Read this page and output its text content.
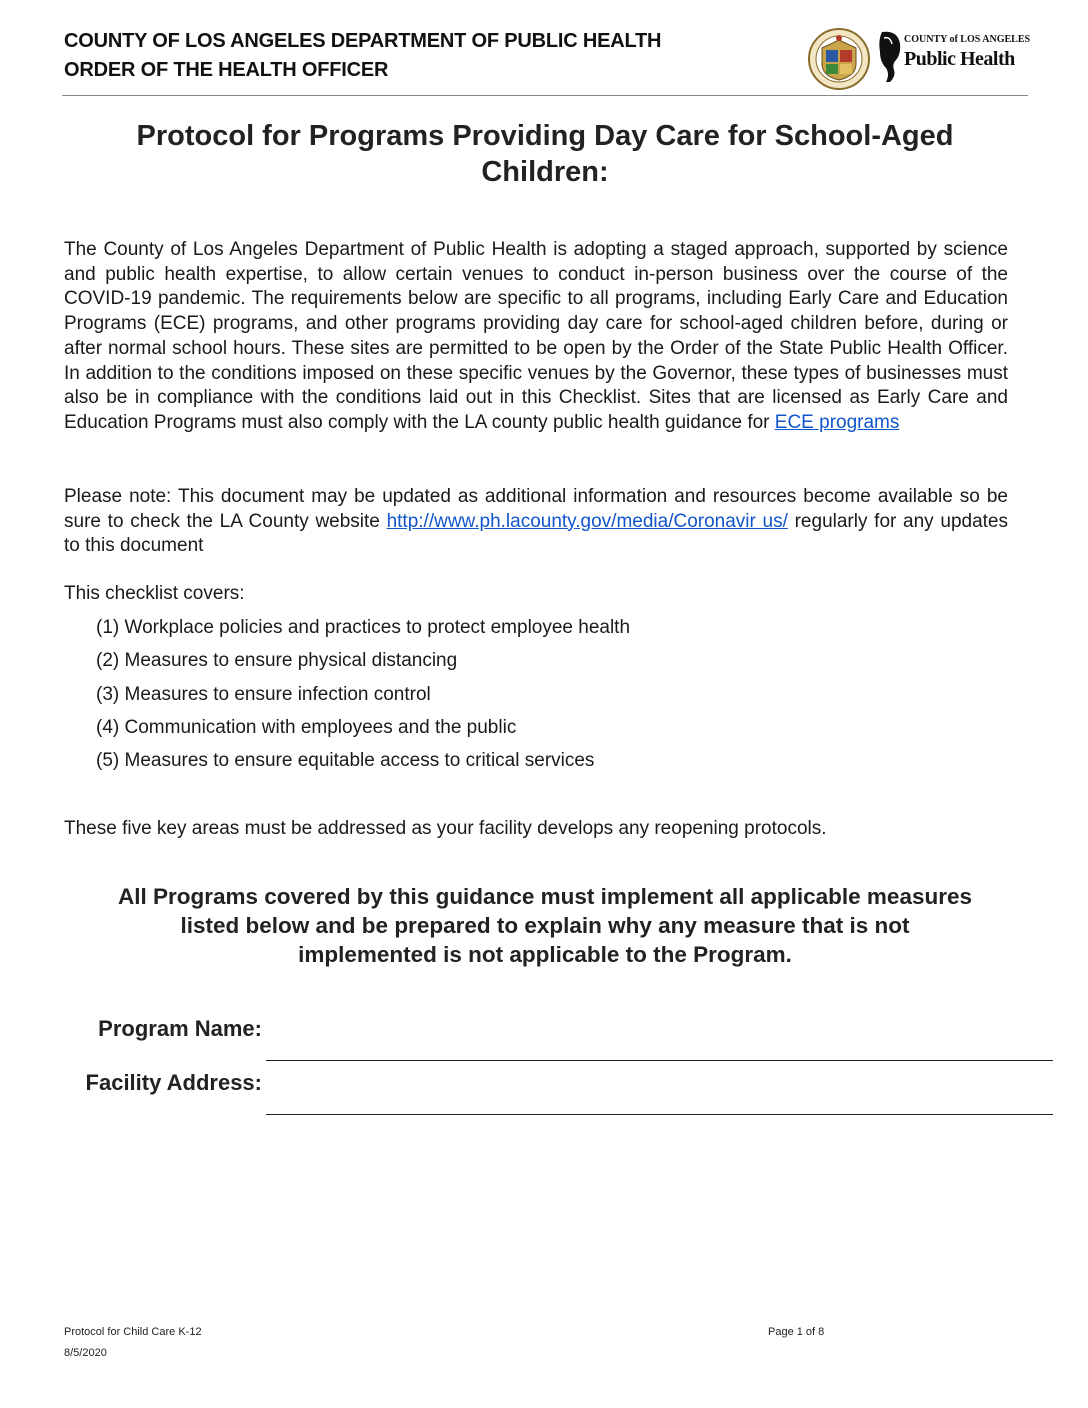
COUNTY OF LOS ANGELES DEPARTMENT OF PUBLIC HEALTH
ORDER OF THE HEALTH OFFICER
COUNTY of LOS ANGELES
Public Health
Protocol for Programs Providing Day Care for School-Aged
Children:
The County of Los Angeles Department of Public Health is adopting a staged approach, supported by science and public health expertise, to allow certain venues to conduct in-person business over the course of the COVID-19 pandemic. The requirements below are specific to all programs, including Early Care and Education Programs (ECE) programs, and other programs providing day care for school-aged children before, during or after normal school hours. These sites are permitted to be open by the Order of the State Public Health Officer. In addition to the conditions imposed on these specific venues by the Governor, these types of businesses must also be in compliance with the conditions laid out in this Checklist. Sites that are licensed as Early Care and Education Programs must also comply with the LA county public health guidance for ECE programs
Please note: This document may be updated as additional information and resources become available so be sure to check the LA County website http://www.ph.lacounty.gov/media/Coronavir us/ regularly for any updates to this document
This checklist covers:
(1) Workplace policies and practices to protect employee health
(2) Measures to ensure physical distancing
(3) Measures to ensure infection control
(4) Communication with employees and the public
(5) Measures to ensure equitable access to critical services
These five key areas must be addressed as your facility develops any reopening protocols.
All Programs covered by this guidance must implement all applicable measures
listed below and be prepared to explain why any measure that is not
implemented is not applicable to the Program.
Program Name:
Facility Address:
Protocol for Child Care K-12
8/5/2020
Page 1 of 8
